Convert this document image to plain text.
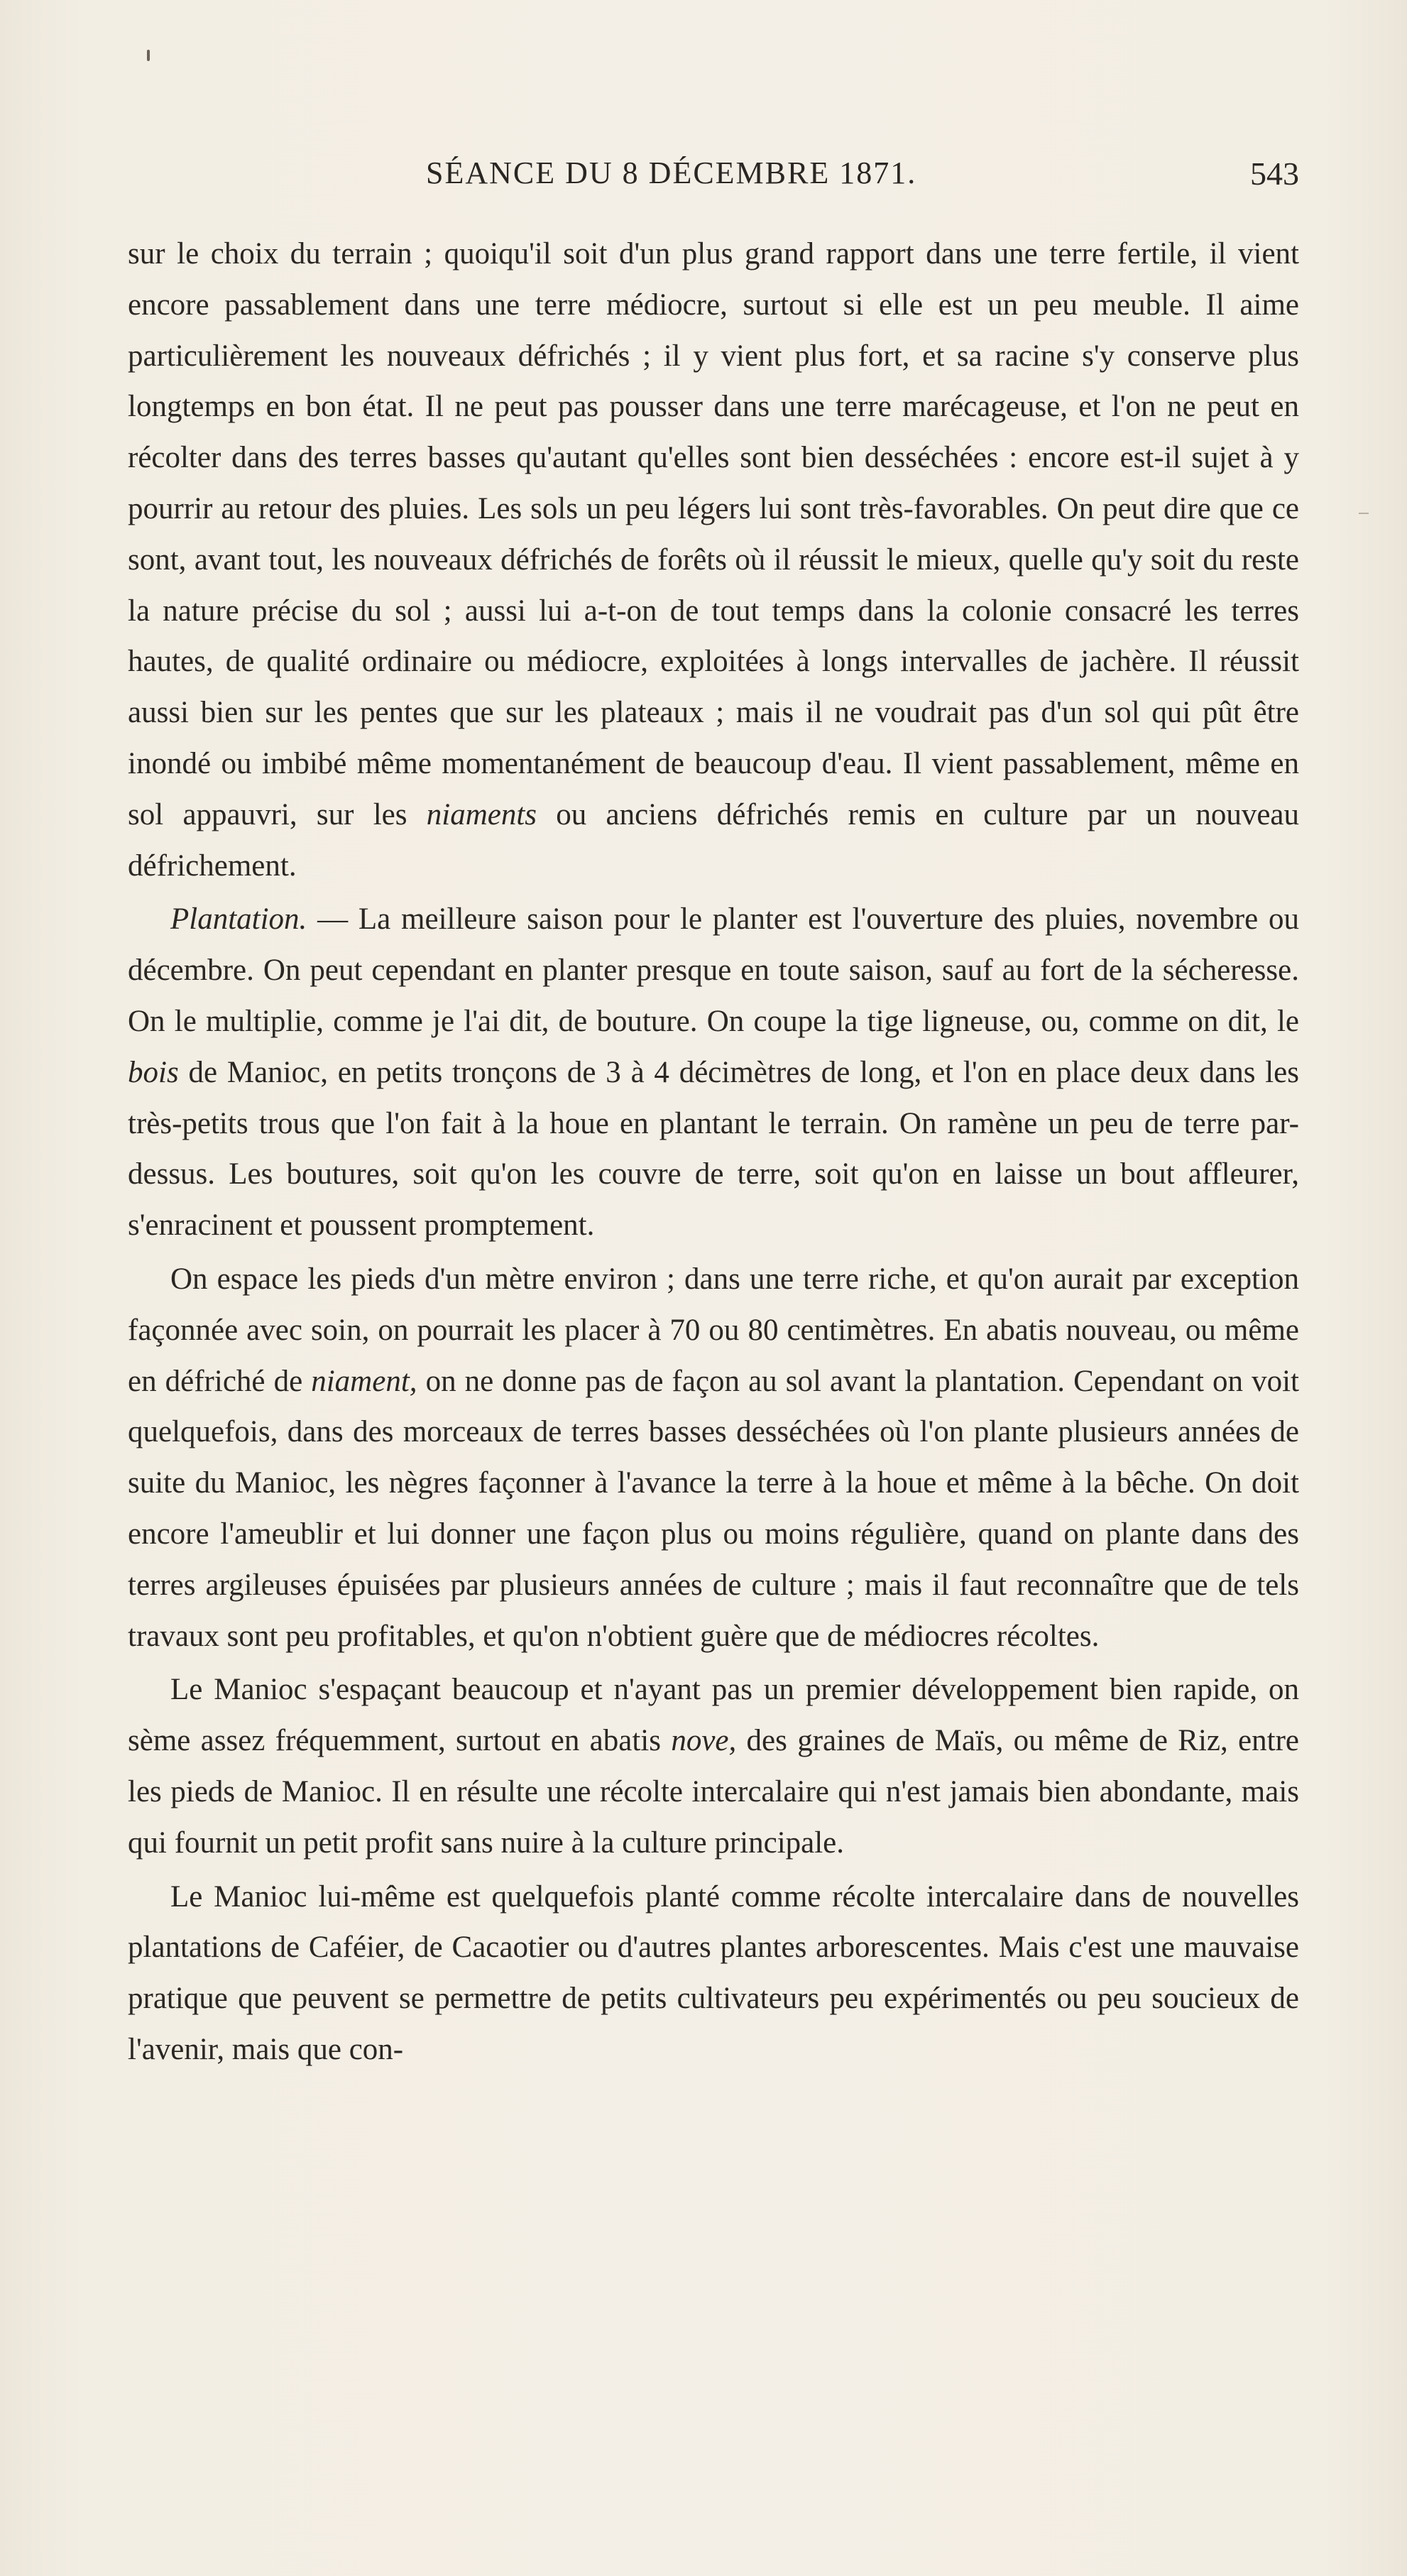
SÉANCE DU 8 DÉCEMBRE 1871.	543

sur le choix du terrain ; quoiqu'il soit d'un plus grand rapport dans une terre fertile, il vient encore passablement dans une terre médiocre, surtout si elle est un peu meuble. Il aime particulièrement les nouveaux défrichés ; il y vient plus fort, et sa racine s'y conserve plus longtemps en bon état. Il ne peut pas pousser dans une terre marécageuse, et l'on ne peut en récolter dans des terres basses qu'autant qu'elles sont bien desséchées : encore est-il sujet à y pourrir au retour des pluies. Les sols un peu légers lui sont très-favorables. On peut dire que ce sont, avant tout, les nouveaux défrichés de forêts où il réussit le mieux, quelle qu'y soit du reste la nature précise du sol ; aussi lui a-t-on de tout temps dans la colonie consacré les terres hautes, de qualité ordinaire ou médiocre, exploitées à longs intervalles de jachère. Il réussit aussi bien sur les pentes que sur les plateaux ; mais il ne voudrait pas d'un sol qui pût être inondé ou imbibé même momentanément de beaucoup d'eau. Il vient passablement, même en sol appauvri, sur les niaments ou anciens défrichés remis en culture par un nouveau défrichement.

Plantation. — La meilleure saison pour le planter est l'ouverture des pluies, novembre ou décembre. On peut cependant en planter presque en toute saison, sauf au fort de la sécheresse. On le multiplie, comme je l'ai dit, de bouture. On coupe la tige ligneuse, ou, comme on dit, le bois de Manioc, en petits tronçons de 3 à 4 décimètres de long, et l'on en place deux dans les très-petits trous que l'on fait à la houe en plantant le terrain. On ramène un peu de terre par-dessus. Les boutures, soit qu'on les couvre de terre, soit qu'on en laisse un bout affleurer, s'enracinent et poussent promptement.

On espace les pieds d'un mètre environ ; dans une terre riche, et qu'on aurait par exception façonnée avec soin, on pourrait les placer à 70 ou 80 centimètres. En abatis nouveau, ou même en défriché de niament, on ne donne pas de façon au sol avant la plantation. Cependant on voit quelquefois, dans des morceaux de terres basses desséchées où l'on plante plusieurs années de suite du Manioc, les nègres façonner à l'avance la terre à la houe et même à la bêche. On doit encore l'ameublir et lui donner une façon plus ou moins régulière, quand on plante dans des terres argileuses épuisées par plusieurs années de culture ; mais il faut reconnaître que de tels travaux sont peu profitables, et qu'on n'obtient guère que de médiocres récoltes.

Le Manioc s'espaçant beaucoup et n'ayant pas un premier développement bien rapide, on sème assez fréquemment, surtout en abatis nove, des graines de Maïs, ou même de Riz, entre les pieds de Manioc. Il en résulte une récolte intercalaire qui n'est jamais bien abondante, mais qui fournit un petit profit sans nuire à la culture principale.

Le Manioc lui-même est quelquefois planté comme récolte intercalaire dans de nouvelles plantations de Caféier, de Cacaotier ou d'autres plantes arborescentes. Mais c'est une mauvaise pratique que peuvent se permettre de petits cultivateurs peu expérimentés ou peu soucieux de l'avenir, mais que con-
